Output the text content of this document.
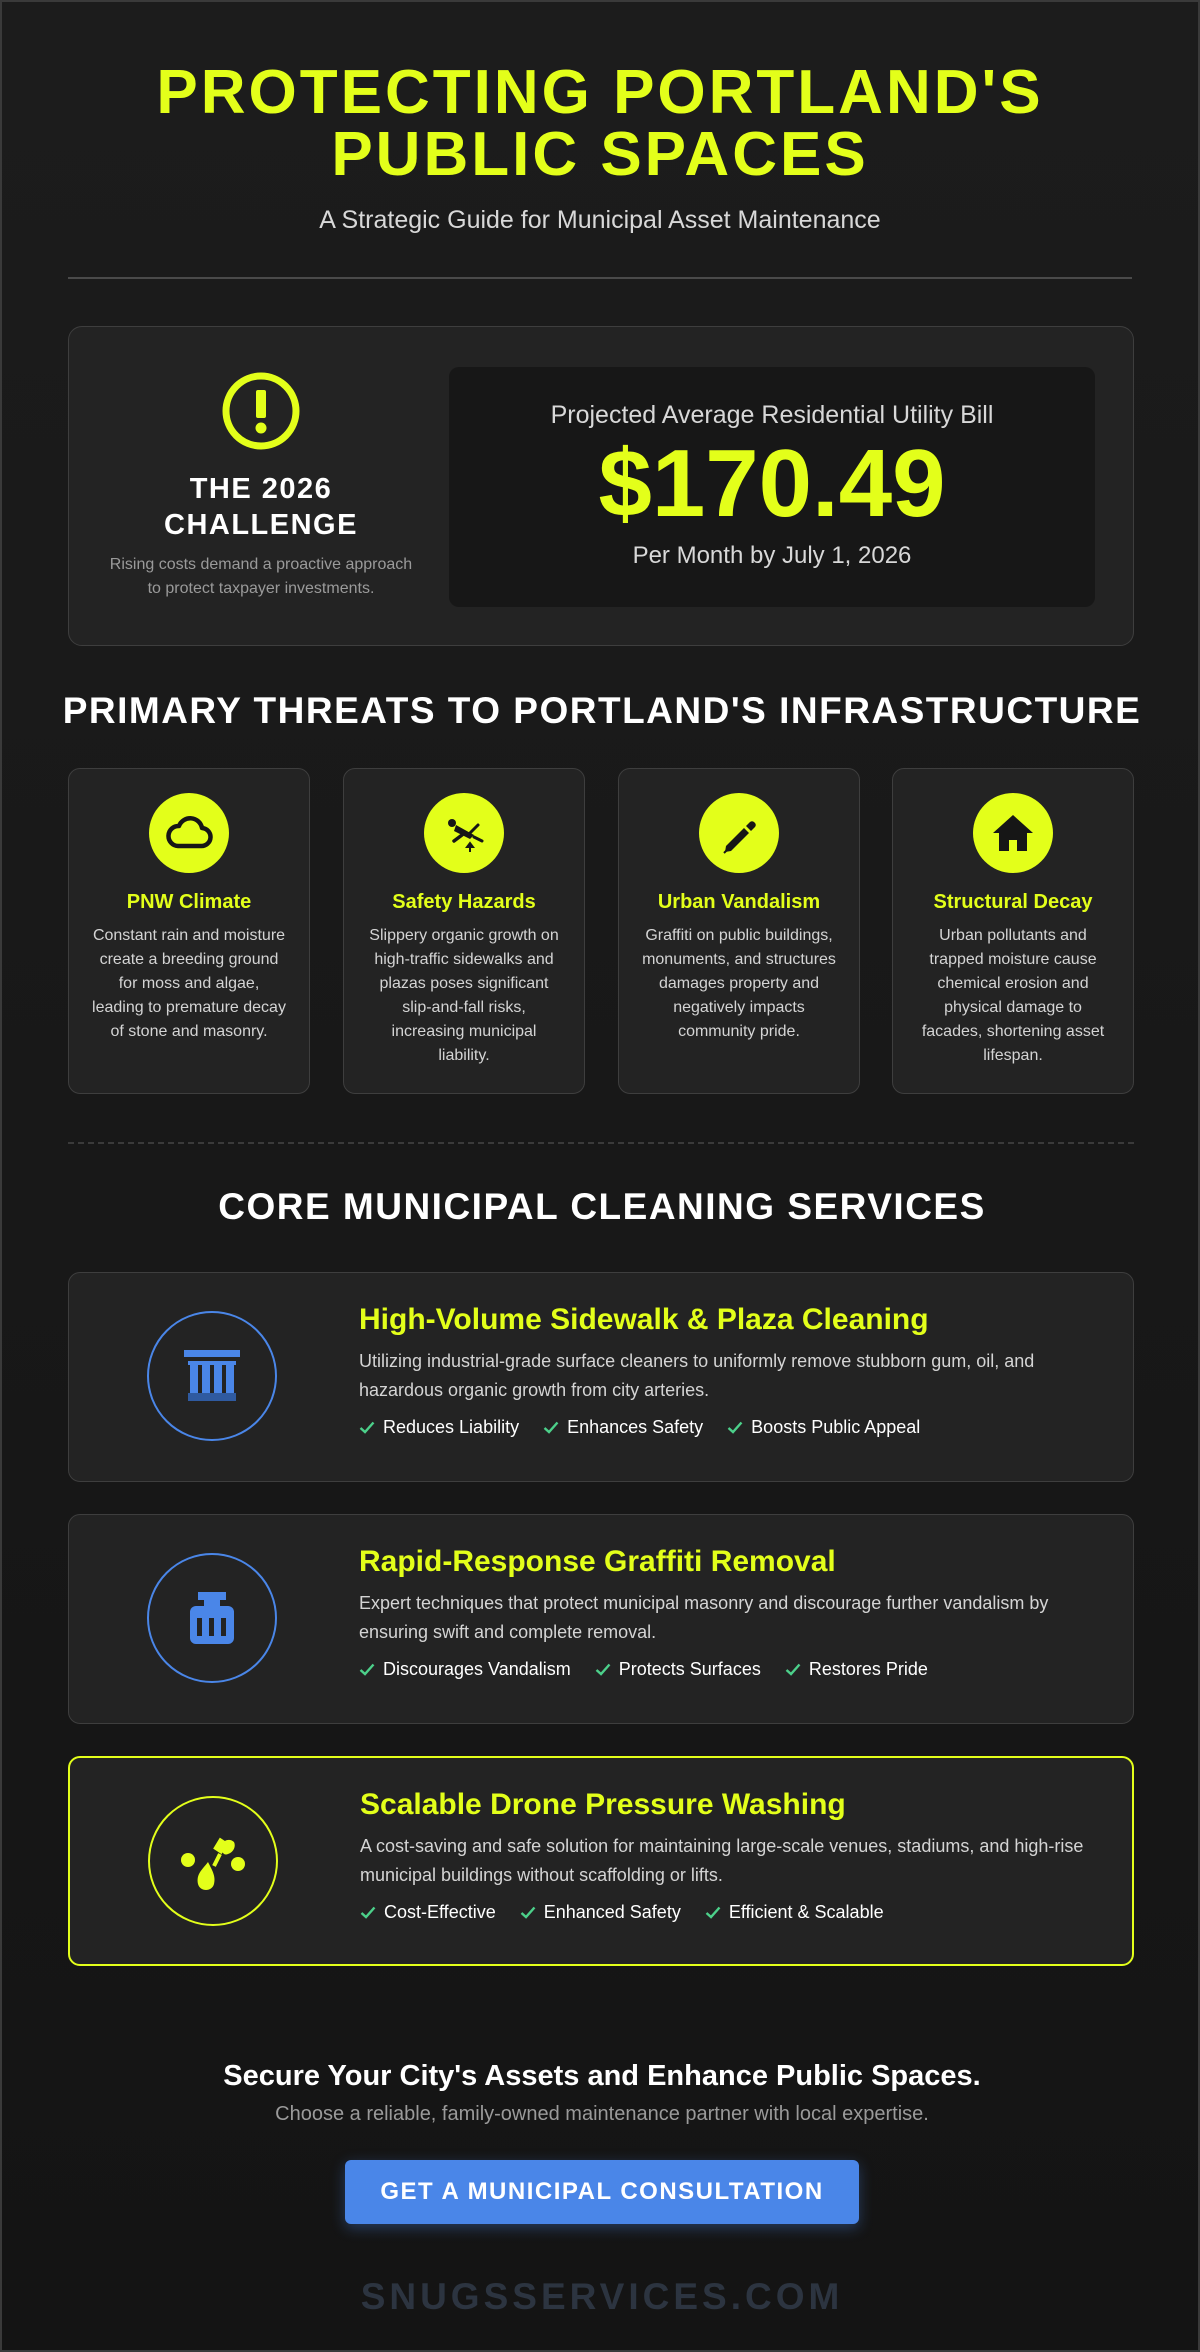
PROTECTING PORTLAND'S
PUBLIC SPACES
A Strategic Guide for Municipal Asset Maintenance
THE 2026
CHALLENGE
Rising costs demand a proactive approach to protect taxpayer investments.
Projected Average Residential Utility Bill
$170.49
Per Month by July 1, 2026
PRIMARY THREATS TO PORTLAND'S INFRASTRUCTURE
PNW Climate
Constant rain and moisture create a breeding ground for moss and algae, leading to premature decay of stone and masonry.
Safety Hazards
Slippery organic growth on high-traffic sidewalks and plazas poses significant slip-and-fall risks, increasing municipal liability.
Urban Vandalism
Graffiti on public buildings, monuments, and structures damages property and negatively impacts community pride.
Structural Decay
Urban pollutants and trapped moisture cause chemical erosion and physical damage to facades, shortening asset lifespan.
CORE MUNICIPAL CLEANING SERVICES
High-Volume Sidewalk & Plaza Cleaning
Utilizing industrial-grade surface cleaners to uniformly remove stubborn gum, oil, and hazardous organic growth from city arteries.
Reduces Liability	Enhances Safety	Boosts Public Appeal
Rapid-Response Graffiti Removal
Expert techniques that protect municipal masonry and discourage further vandalism by ensuring swift and complete removal.
Discourages Vandalism	Protects Surfaces	Restores Pride
Scalable Drone Pressure Washing
A cost-saving and safe solution for maintaining large-scale venues, stadiums, and high-rise municipal buildings without scaffolding or lifts.
Cost-Effective	Enhanced Safety	Efficient & Scalable
Secure Your City's Assets and Enhance Public Spaces.
Choose a reliable, family-owned maintenance partner with local expertise.
GET A MUNICIPAL CONSULTATION
SNUGSSERVICES.COM
